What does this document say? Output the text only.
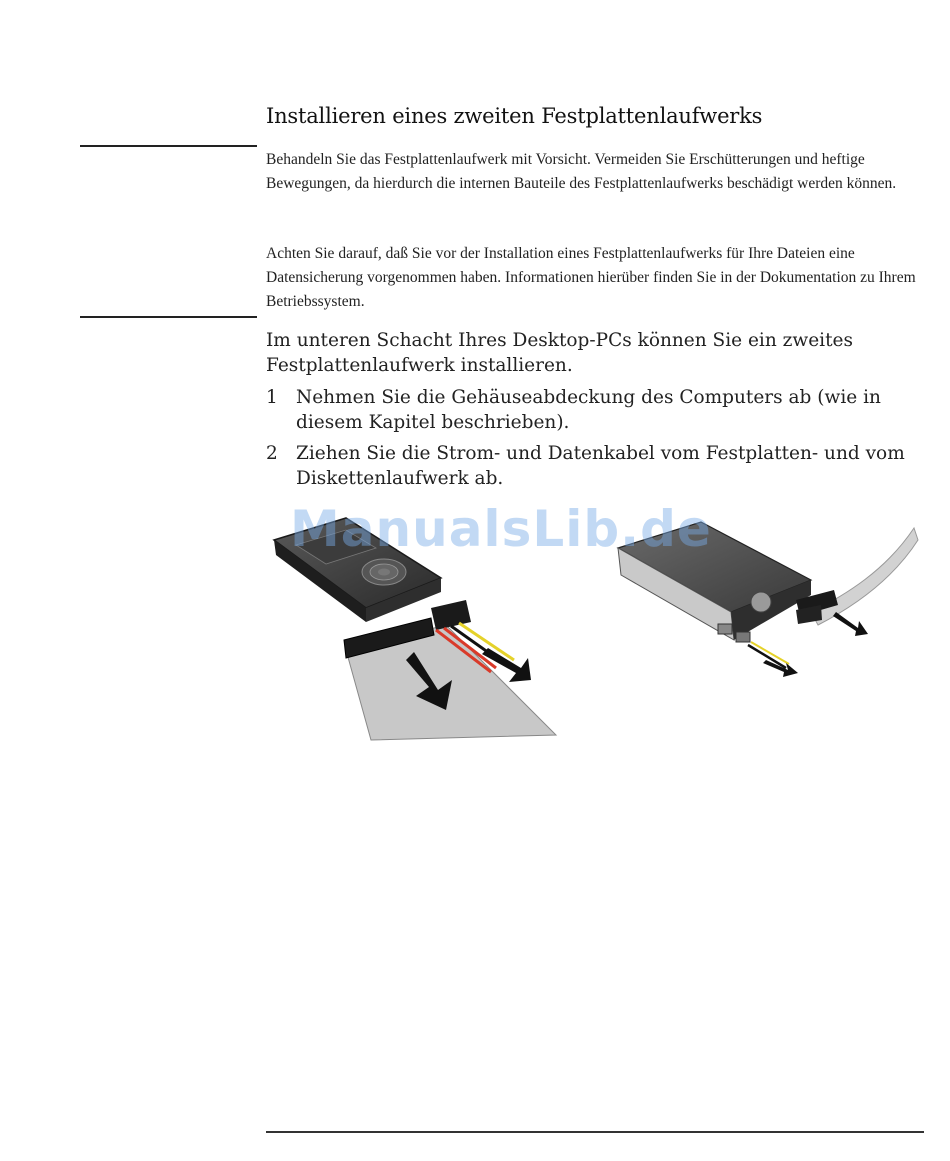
Installieren eines zweiten Festplattenlaufwerks
Behandeln Sie das Festplattenlaufwerk mit Vorsicht. Vermeiden Sie Erschütterungen und heftige Bewegungen, da hierdurch die internen Bauteile des Festplattenlaufwerks beschädigt werden können.
Achten Sie darauf, daß Sie vor der Installation eines Festplattenlaufwerks für Ihre Dateien eine Datensicherung vorgenommen haben. Informationen hierüber finden Sie in der Dokumentation zu Ihrem Betriebssystem.
Im unteren Schacht Ihres Desktop-PCs können Sie ein zweites Festplattenlaufwerk installieren.
1 Nehmen Sie die Gehäuseabdeckung des Computers ab (wie in diesem Kapitel beschrieben).
2 Ziehen Sie die Strom- und Datenkabel vom Festplatten- und vom Diskettenlaufwerk ab.
ManualsLib.de
